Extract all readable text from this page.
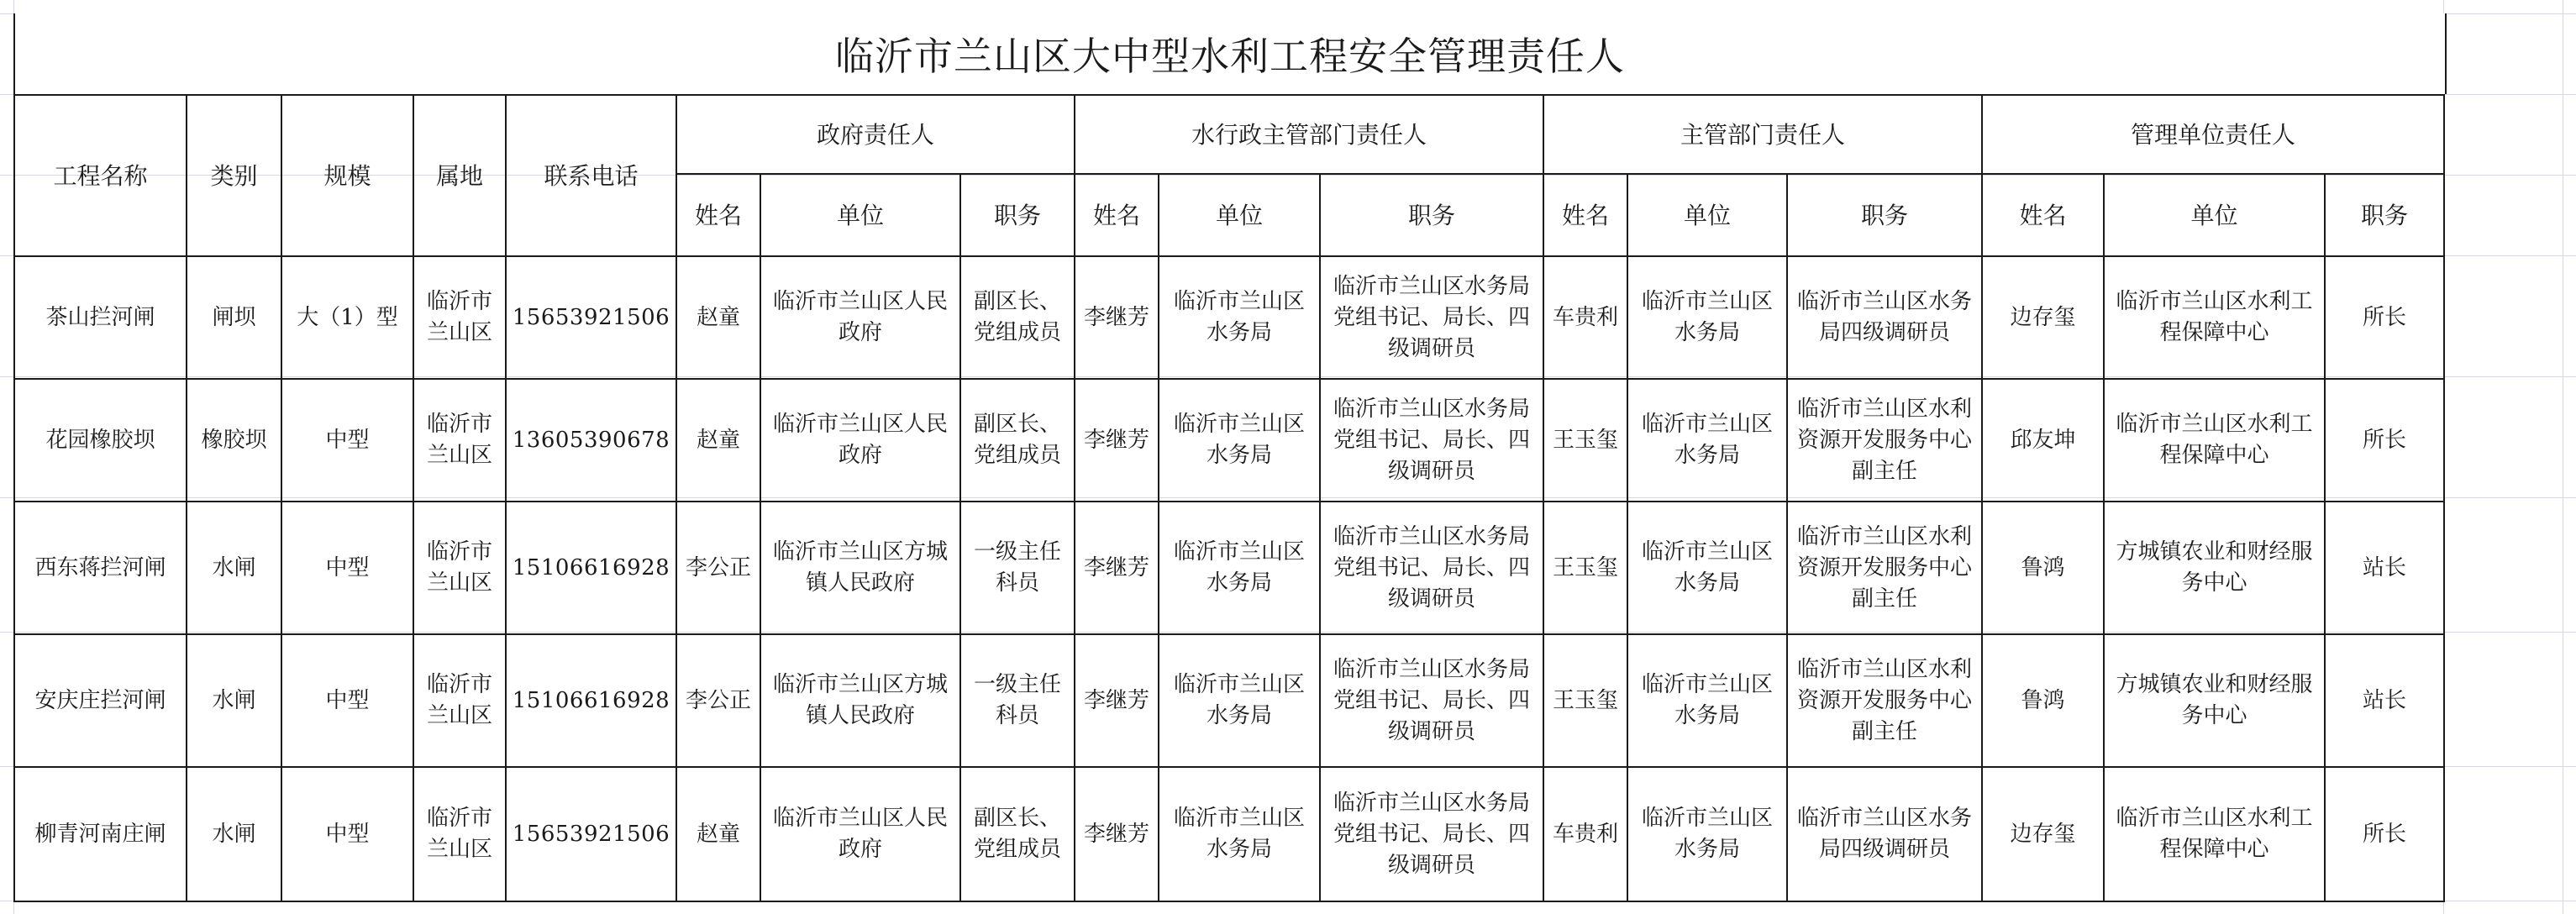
临沂市兰山区大中型水利工程安全管理责任人
工程名称	类别	规模	属地	联系电话	政府责任人			水行政主管部门责任人			主管部门责任人			管理单位责任人		
					姓名	单位	职务	姓名	单位	职务	姓名	单位	职务	姓名	单位	职务
茶山拦河闸	闸坝	大（1）型	临沂市兰山区	15653921506	赵童	临沂市兰山区人民政府	副区长、党组成员	李继芳	临沂市兰山区水务局	临沂市兰山区水务局党组书记、局长、四级调研员	车贵利	临沂市兰山区水务局	临沂市兰山区水务局四级调研员	边存玺	临沂市兰山区水利工程保障中心	所长
花园橡胶坝	橡胶坝	中型	临沂市兰山区	13605390678	赵童	临沂市兰山区人民政府	副区长、党组成员	李继芳	临沂市兰山区水务局	临沂市兰山区水务局党组书记、局长、四级调研员	王玉玺	临沂市兰山区水务局	临沂市兰山区水利资源开发服务中心副主任	邱友坤	临沂市兰山区水利工程保障中心	所长
西东蒋拦河闸	水闸	中型	临沂市兰山区	15106616928	李公正	临沂市兰山区方城镇人民政府	一级主任科员	李继芳	临沂市兰山区水务局	临沂市兰山区水务局党组书记、局长、四级调研员	王玉玺	临沂市兰山区水务局	临沂市兰山区水利资源开发服务中心副主任	鲁鸿	方城镇农业和财经服务中心	站长
安庆庄拦河闸	水闸	中型	临沂市兰山区	15106616928	李公正	临沂市兰山区方城镇人民政府	一级主任科员	李继芳	临沂市兰山区水务局	临沂市兰山区水务局党组书记、局长、四级调研员	王玉玺	临沂市兰山区水务局	临沂市兰山区水利资源开发服务中心副主任	鲁鸿	方城镇农业和财经服务中心	站长
柳青河南庄闸	水闸	中型	临沂市兰山区	15653921506	赵童	临沂市兰山区人民政府	副区长、党组成员	李继芳	临沂市兰山区水务局	临沂市兰山区水务局党组书记、局长、四级调研员	车贵利	临沂市兰山区水务局	临沂市兰山区水务局四级调研员	边存玺	临沂市兰山区水利工程保障中心	所长
